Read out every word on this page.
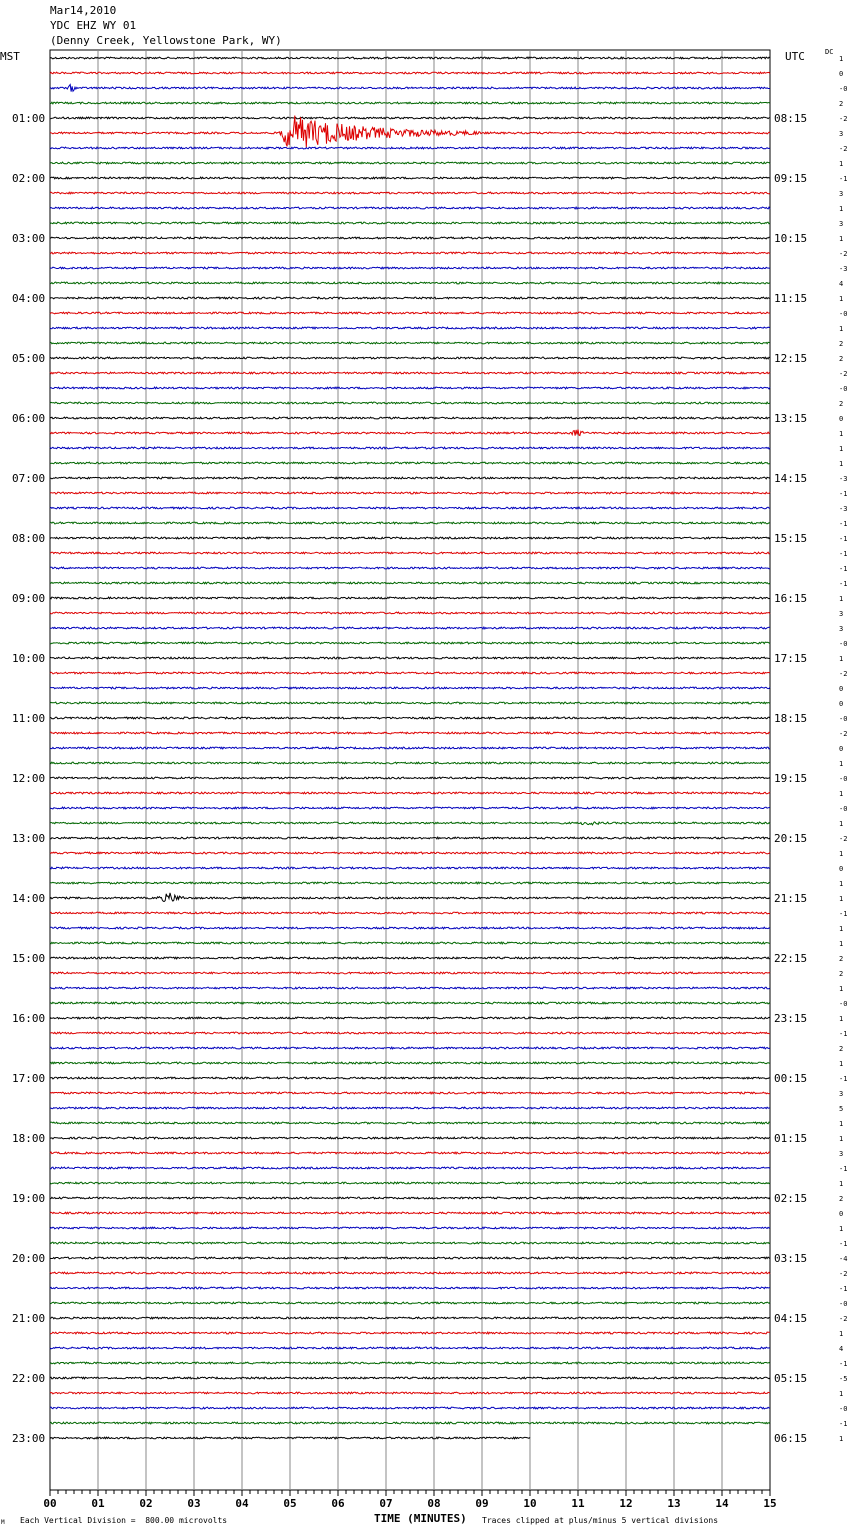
Mar14,2010
YDC EHZ WY 01
(Denny Creek, Yellowstone Park, WY)
MST	UTC	DC
1
0
-0
2
-2
3
-2
1
-1
3
1
3
1
-2
-3
4
1
-0
1
2
2
-2
-0
2
0
1
1
1
-3
-1
-3
-1
-1
-1
-1
-1
1
3
3
-0
1
-2
0
0
-0
-2
0
1
-0
1
-0
1
-2
1
0
1
1
-1
1
1
2
2
1
-0
1
-1
2
1
-1
3
5
1
1
3
-1
1
2
0
1
-1
-4
-2
-1
-0
-2
1
4
-1
-5
1
-0
-1
1
01:00
02:00
03:00
04:00
05:00
06:00
07:00
08:00
09:00
10:00
11:00
12:00
13:00
14:00
15:00
16:00
17:00
18:00
19:00
20:00
21:00
22:00
23:00
08:15
09:15
10:15
11:15
12:15
13:15
14:15
15:15
16:15
17:15
18:15
19:15
20:15
21:15
22:15
23:15
00:15
01:15
02:15
03:15
04:15
05:15
06:15
00	01	02	03	04	05	06	07	08	09	10	11	12	13	14	15
M Each Vertical Division =  800.00 microvolts	TIME (MINUTES) Traces clipped at plus/minus 5 vertical divisions
